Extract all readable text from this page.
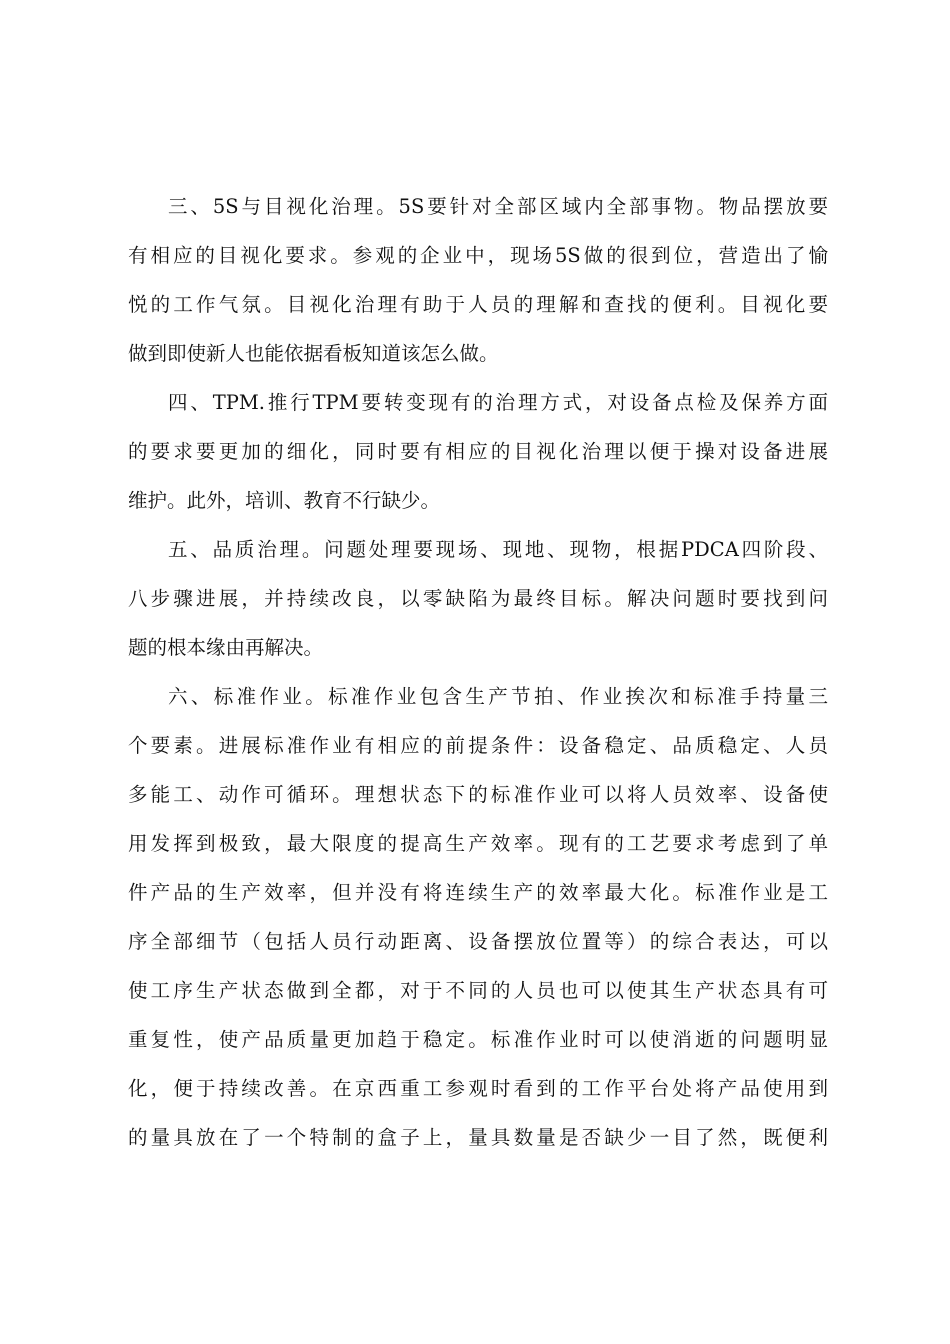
三、5S与目视化治理。5S要针对全部区域内全部事物。物品摆放要
有相应的目视化要求。参观的企业中，现场5S做的很到位，营造出了愉
悦的工作气氛。目视化治理有助于人员的理解和查找的便利。目视化要
做到即使新人也能依据看板知道该怎么做。
四、TPM.推行TPM要转变现有的治理方式，对设备点检及保养方面
的要求要更加的细化，同时要有相应的目视化治理以便于操对设备进展
维护。此外，培训、教育不行缺少。
五、品质治理。问题处理要现场、现地、现物，根据PDCA四阶段、
八步骤进展，并持续改良，以零缺陷为最终目标。解决问题时要找到问
题的根本缘由再解决。
六、标准作业。标准作业包含生产节拍、作业挨次和标准手持量三
个要素。进展标准作业有相应的前提条件：设备稳定、品质稳定、人员
多能工、动作可循环。理想状态下的标准作业可以将人员效率、设备使
用发挥到极致，最大限度的提高生产效率。现有的工艺要求考虑到了单
件产品的生产效率，但并没有将连续生产的效率最大化。标准作业是工
序全部细节（包括人员行动距离、设备摆放位置等）的综合表达，可以
使工序生产状态做到全都，对于不同的人员也可以使其生产状态具有可
重复性，使产品质量更加趋于稳定。标准作业时可以使消逝的问题明显
化，便于持续改善。在京西重工参观时看到的工作平台处将产品使用到
的量具放在了一个特制的盒子上，量具数量是否缺少一目了然，既便利
